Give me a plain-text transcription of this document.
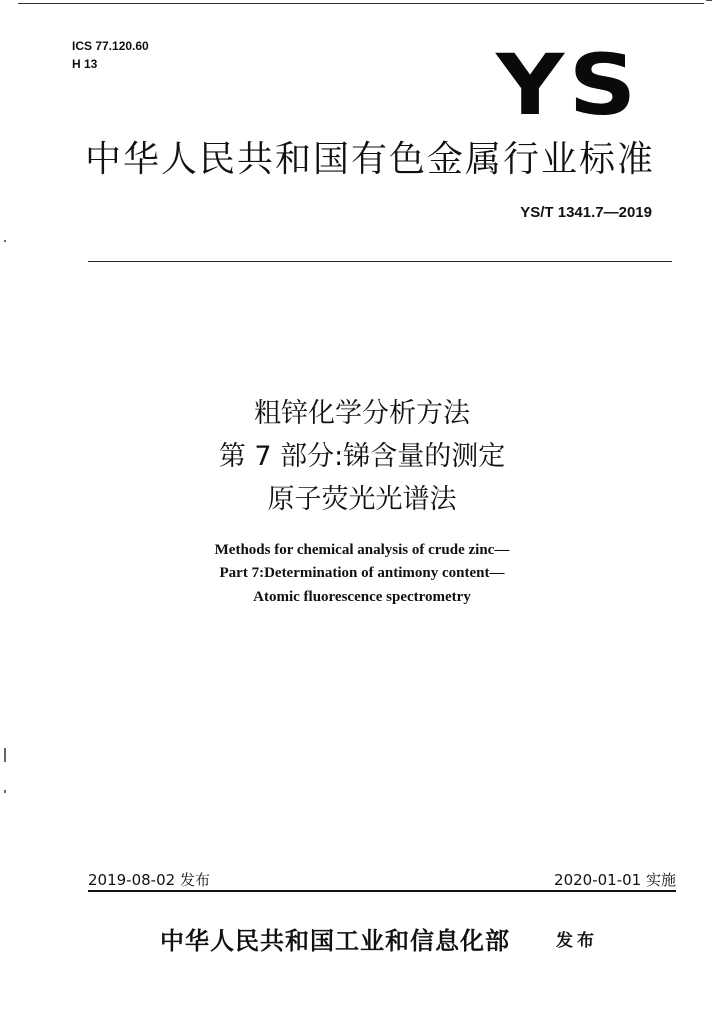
ICS 77.120.60
H 13	YS
中华人民共和国有色金属行业标准
YS/T 1341.7—2019
粗锌化学分析方法
第 7 部分:锑含量的测定
原子荧光光谱法
Methods for chemical analysis of crude zinc—
Part 7:Determination of antimony content—
Atomic fluorescence spectrometry
2019-08-02 发布	2020-01-01 实施
中华人民共和国工业和信息化部	发布
